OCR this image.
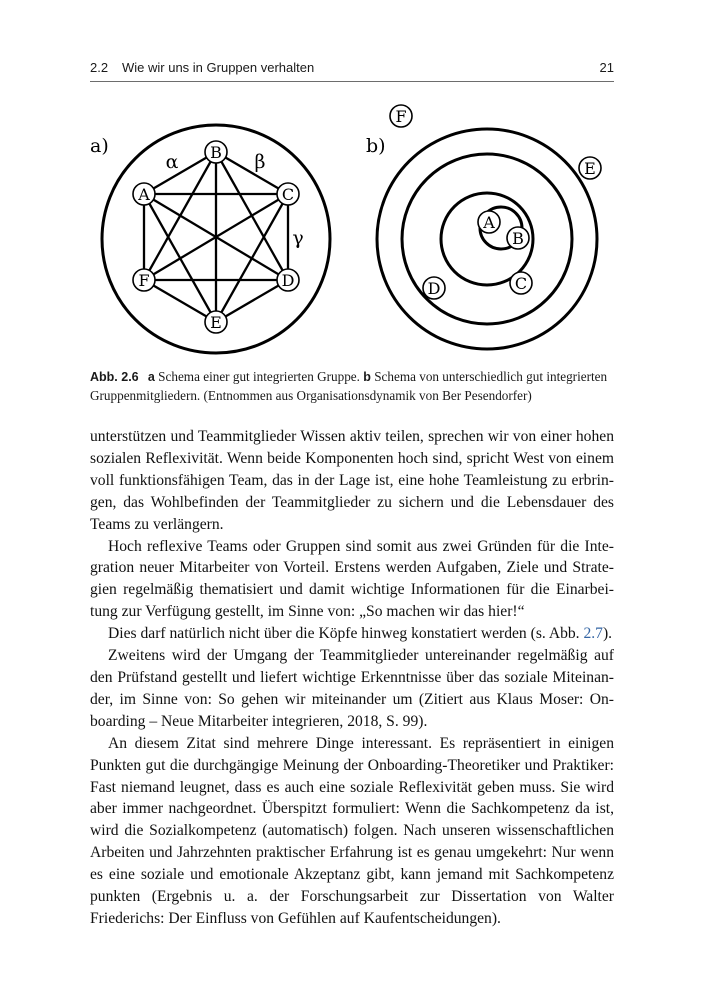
2.2 Wie wir uns in Gruppen verhalten	21
a)	B
A	C
D
E
F
α	β
γ
b)
F
E
A
B
C
D
Abb. 2.6 a Schema einer gut integrierten Gruppe. b Schema von unterschiedlich gut integrierten Gruppenmitgliedern. (Entnommen aus Organisationsdynamik von Ber Pesendorfer)

unterstützen und Teammitglieder Wissen aktiv teilen, sprechen wir von einer hohen sozialen Reflexivität. Wenn beide Komponenten hoch sind, spricht West von einem voll funktionsfähigen Team, das in der Lage ist, eine hohe Teamleistung zu erbringen, das Wohlbefinden der Teammitglieder zu sichern und die Lebensdauer des Teams zu verlängern.

Hoch reflexive Teams oder Gruppen sind somit aus zwei Gründen für die Integration neuer Mitarbeiter von Vorteil. Erstens werden Aufgaben, Ziele und Strategien regelmäßig thematisiert und damit wichtige Informationen für die Einarbeitung zur Verfügung gestellt, im Sinne von: „So machen wir das hier!“

Dies darf natürlich nicht über die Köpfe hinweg konstatiert werden (s. Abb. 2.7).

Zweitens wird der Umgang der Teammitglieder untereinander regelmäßig auf den Prüfstand gestellt und liefert wichtige Erkenntnisse über das soziale Miteinander, im Sinne von: So gehen wir miteinander um (Zitiert aus Klaus Moser: Onboarding – Neue Mitarbeiter integrieren, 2018, S. 99).

An diesem Zitat sind mehrere Dinge interessant. Es repräsentiert in einigen Punkten gut die durchgängige Meinung der Onboarding-Theoretiker und Praktiker: Fast niemand leugnet, dass es auch eine soziale Reflexivität geben muss. Sie wird aber immer nachgeordnet. Überspitzt formuliert: Wenn die Sachkompetenz da ist, wird die Sozialkompetenz (automatisch) folgen. Nach unseren wissenschaftlichen Arbeiten und Jahrzehnten praktischer Erfahrung ist es genau umgekehrt: Nur wenn es eine soziale und emotionale Akzeptanz gibt, kann jemand mit Sachkompetenz punkten (Ergebnis u. a. der Forschungsarbeit zur Dissertation von Walter Friederichs: Der Einfluss von Gefühlen auf Kaufentscheidungen).
